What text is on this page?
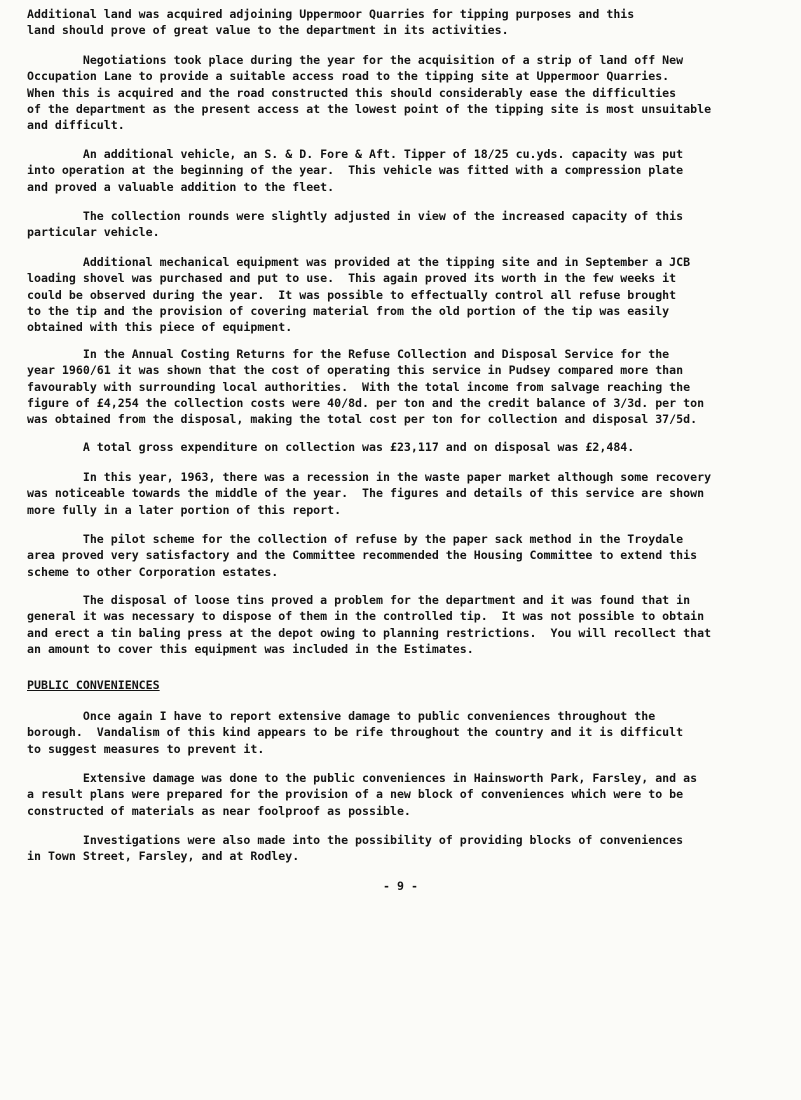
Additional land was acquired adjoining Uppermoor Quarries for tipping purposes and this
land should prove of great value to the department in its activities.
Negotiations took place during the year for the acquisition of a strip of land off New
Occupation Lane to provide a suitable access road to the tipping site at Uppermoor Quarries.
When this is acquired and the road constructed this should considerably ease the difficulties
of the department as the present access at the lowest point of the tipping site is most unsuitable
and difficult.
An additional vehicle, an S. & D. Fore & Aft. Tipper of 18/25 cu.yds. capacity was put
into operation at the beginning of the year.  This vehicle was fitted with a compression plate
and proved a valuable addition to the fleet.
The collection rounds were slightly adjusted in view of the increased capacity of this
particular vehicle.
Additional mechanical equipment was provided at the tipping site and in September a JCB
loading shovel was purchased and put to use.  This again proved its worth in the few weeks it
could be observed during the year.  It was possible to effectually control all refuse brought
to the tip and the provision of covering material from the old portion of the tip was easily
obtained with this piece of equipment.
In the Annual Costing Returns for the Refuse Collection and Disposal Service for the
year 1960/61 it was shown that the cost of operating this service in Pudsey compared more than
favourably with surrounding local authorities.  With the total income from salvage reaching the
figure of £4,254 the collection costs were 40/8d. per ton and the credit balance of 3/3d. per ton
was obtained from the disposal, making the total cost per ton for collection and disposal 37/5d.
A total gross expenditure on collection was £23,117 and on disposal was £2,484.
In this year, 1963, there was a recession in the waste paper market although some recovery
was noticeable towards the middle of the year.  The figures and details of this service are shown
more fully in a later portion of this report.
The pilot scheme for the collection of refuse by the paper sack method in the Troydale
area proved very satisfactory and the Committee recommended the Housing Committee to extend this
scheme to other Corporation estates.
The disposal of loose tins proved a problem for the department and it was found that in
general it was necessary to dispose of them in the controlled tip.  It was not possible to obtain
and erect a tin baling press at the depot owing to planning restrictions.  You will recollect that
an amount to cover this equipment was included in the Estimates.
PUBLIC CONVENIENCES
Once again I have to report extensive damage to public conveniences throughout the
borough.  Vandalism of this kind appears to be rife throughout the country and it is difficult
to suggest measures to prevent it.
Extensive damage was done to the public conveniences in Hainsworth Park, Farsley, and as
a result plans were prepared for the provision of a new block of conveniences which were to be
constructed of materials as near foolproof as possible.
Investigations were also made into the possibility of providing blocks of conveniences
in Town Street, Farsley, and at Rodley.
- 9 -
